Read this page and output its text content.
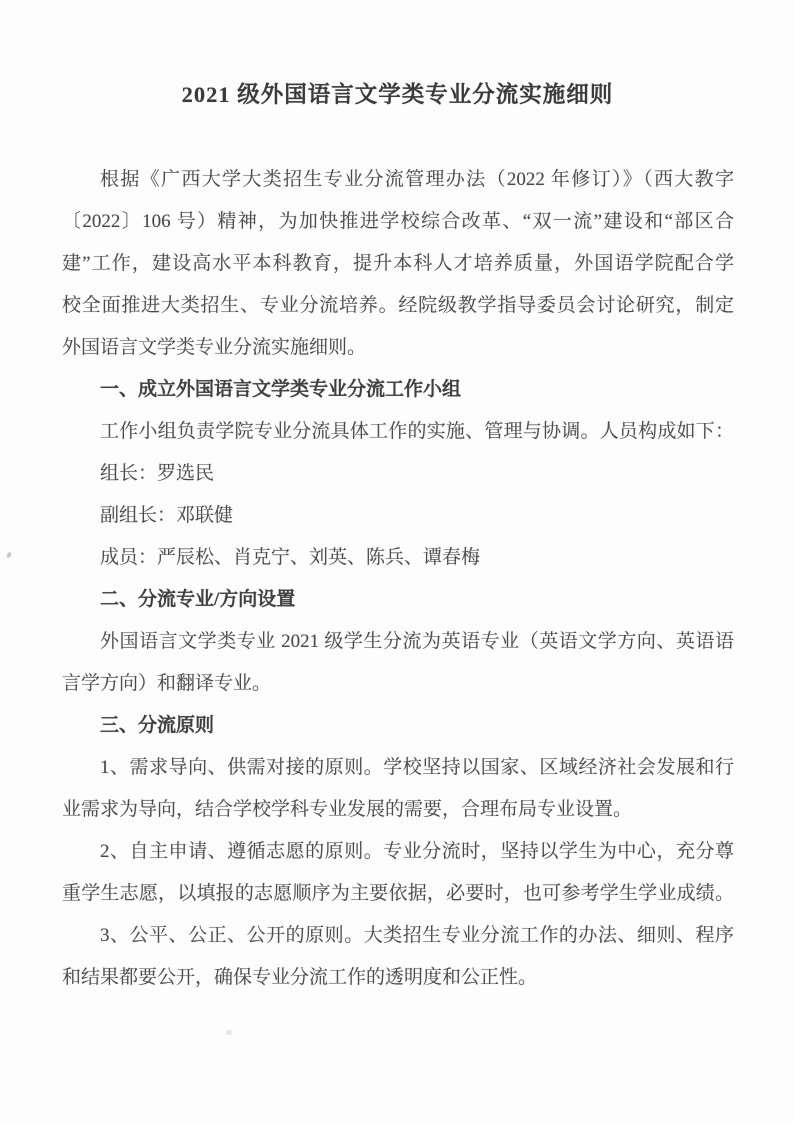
2021 级外国语言文学类专业分流实施细则

根据《广西大学大类招生专业分流管理办法（2022 年修订）》（西大教字

〔2022〕106 号）精神，为加快推进学校综合改革、“双一流”建设和“部区合

建”工作，建设高水平本科教育，提升本科人才培养质量，外国语学院配合学

校全面推进大类招生、专业分流培养。经院级教学指导委员会讨论研究，制定

外国语言文学类专业分流实施细则。

一、成立外国语言文学类专业分流工作小组

工作小组负责学院专业分流具体工作的实施、管理与协调。人员构成如下：

组长：罗选民

副组长：邓联健

成员：严辰松、肖克宁、刘英、陈兵、谭春梅

二、分流专业/方向设置

外国语言文学类专业 2021 级学生分流为英语专业（英语文学方向、英语语

言学方向）和翻译专业。

三、分流原则

1、需求导向、供需对接的原则。学校坚持以国家、区域经济社会发展和行

业需求为导向，结合学校学科专业发展的需要，合理布局专业设置。

2、自主申请、遵循志愿的原则。专业分流时，坚持以学生为中心，充分尊

重学生志愿，以填报的志愿顺序为主要依据，必要时，也可参考学生学业成绩。

3、公平、公正、公开的原则。大类招生专业分流工作的办法、细则、程序

和结果都要公开，确保专业分流工作的透明度和公正性。
